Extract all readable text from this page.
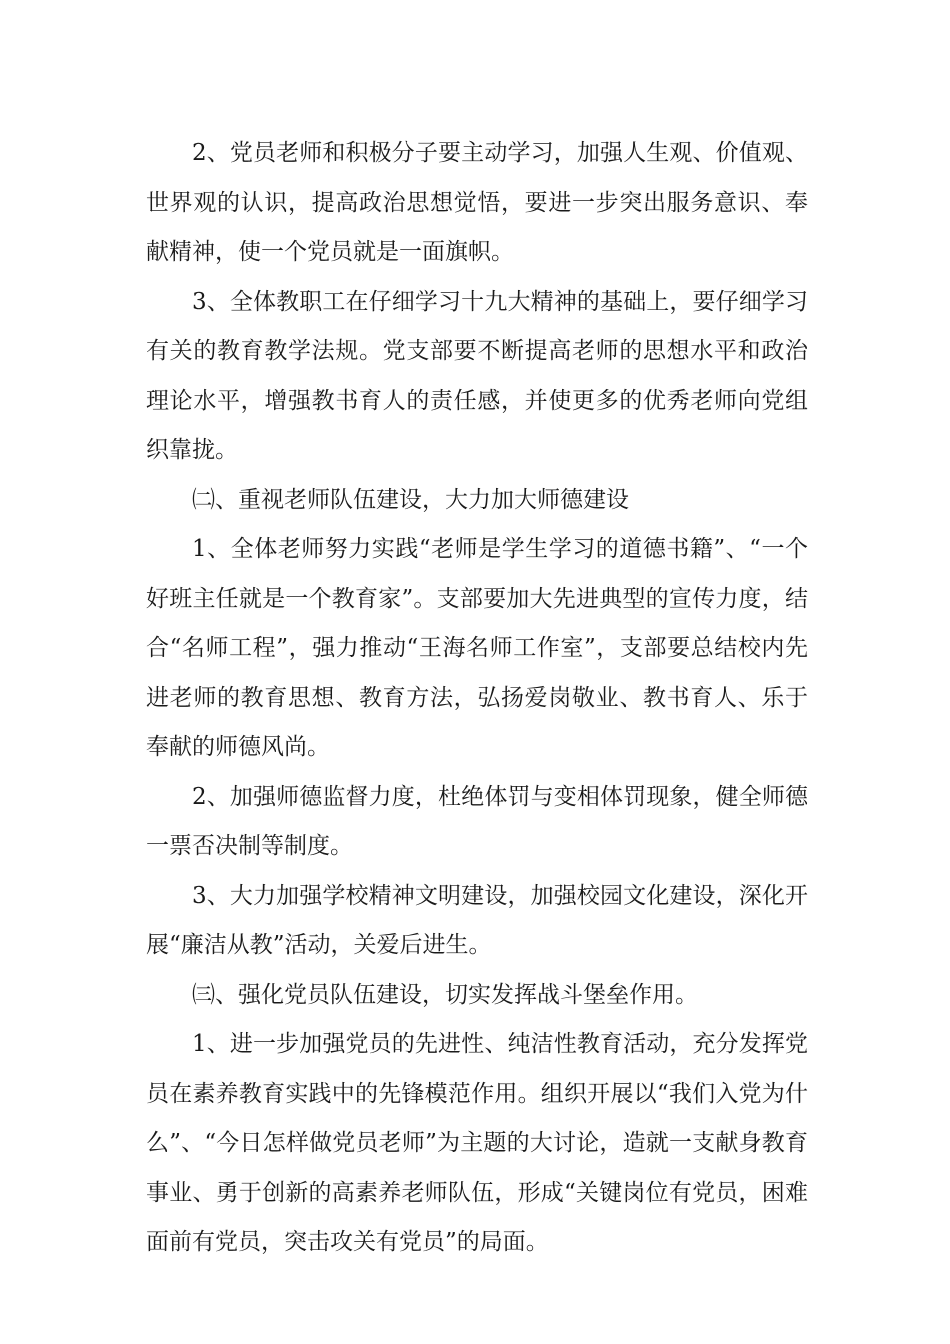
2、党员老师和积极分子要主动学习，加强人生观、价值观、世界观的认识，提高政治思想觉悟，要进一步突出服务意识、奉献精神，使一个党员就是一面旗帜。

3、全体教职工在仔细学习十九大精神的基础上，要仔细学习有关的教育教学法规。党支部要不断提高老师的思想水平和政治理论水平，增强教书育人的责任感，并使更多的优秀老师向党组织靠拢。

㈡、重视老师队伍建设，大力加大师德建设

1、全体老师努力实践“老师是学生学习的道德书籍”、“一个好班主任就是一个教育家”。支部要加大先进典型的宣传力度，结合“名师工程”，强力推动“王海名师工作室”，支部要总结校内先进老师的教育思想、教育方法，弘扬爱岗敬业、教书育人、乐于奉献的师德风尚。

2、加强师德监督力度，杜绝体罚与变相体罚现象，健全师德一票否决制等制度。

3、大力加强学校精神文明建设，加强校园文化建设，深化开展“廉洁从教”活动，关爱后进生。

㈢、强化党员队伍建设，切实发挥战斗堡垒作用。

1、进一步加强党员的先进性、纯洁性教育活动，充分发挥党员在素养教育实践中的先锋模范作用。组织开展以“我们入党为什么”、“今日怎样做党员老师”为主题的大讨论，造就一支献身教育事业、勇于创新的高素养老师队伍，形成“关键岗位有党员，困难面前有党员，突击攻关有党员”的局面。
